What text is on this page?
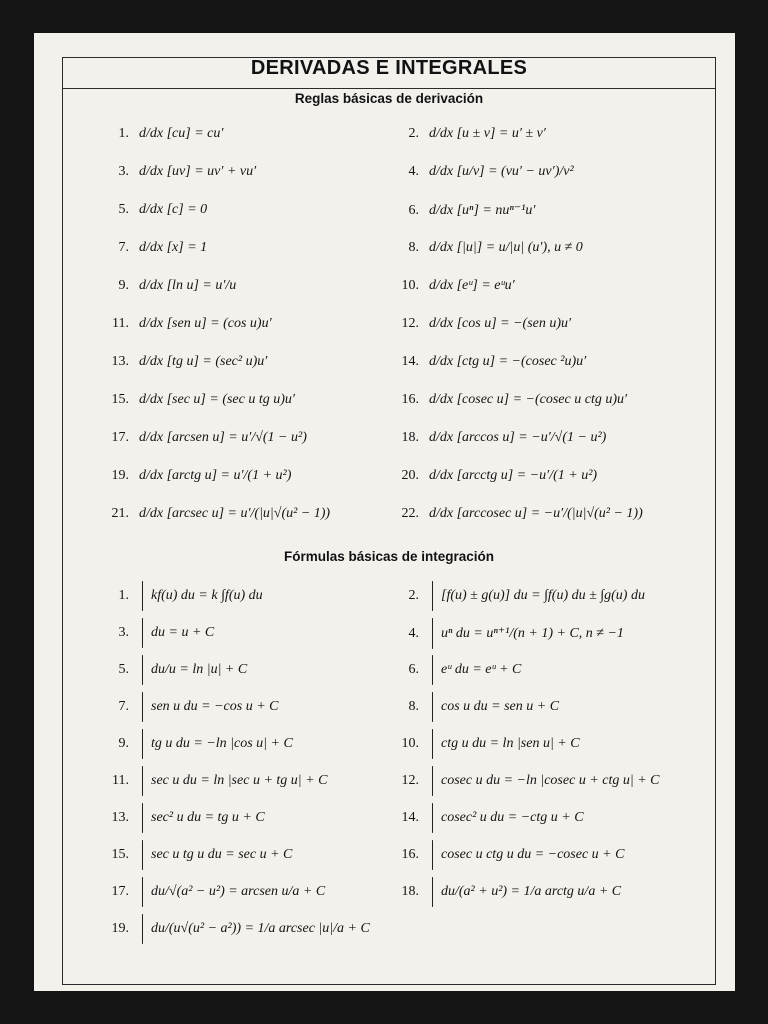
DERIVADAS E INTEGRALES
Reglas básicas de derivación
Fórmulas básicas de integración
1. d/dx [cu] = cu′	2. d/dx [u ± v] = u′ ± v′
3. d/dx [uv] = uv′ + vu′	4. d/dx [u/v] = (vu′ − uv′)/v²
5. d/dx [c] = 0	6. d/dx [uⁿ] = nuⁿ⁻¹u′
7. d/dx [x] = 1	8. d/dx [|u|] = u/|u| (u′), u ≠ 0
9. d/dx [ln u] = u′/u	10. d/dx [eᵘ] = eᵘu′
11. d/dx [sen u] = (cos u)u′	12. d/dx [cos u] = −(sen u)u′
13. d/dx [tg u] = (sec² u)u′	14. d/dx [ctg u] = −(cosec ²u)u′
15. d/dx [sec u] = (sec u tg u)u′	16. d/dx [cosec u] = −(cosec u ctg u)u′
17. d/dx [arcsen u] = u′/√(1 − u²)	18. d/dx [arccos u] = −u′/√(1 − u²)
19. d/dx [arctg u] = u′/(1 + u²)	20. d/dx [arcctg u] = −u′/(1 + u²)
21. d/dx [arcsec u] = u′/(|u|√(u² − 1))	22. d/dx [arccosec u] = −u′/(|u|√(u² − 1))
1.	kf(u) du = k ∫f(u) du	2.	[f(u) ± g(u)] du = ∫f(u) du ± ∫g(u) du
3.	du = u + C	4.	uⁿ du = uⁿ⁺¹/(n + 1) + C, n ≠ −1
5.	du/u = ln |u| + C	6.	eᵘ du = eᵘ + C
7.	sen u du = −cos u + C	8.	cos u du = sen u + C
9.	tg u du = −ln |cos u| + C	10.	ctg u du = ln |sen u| + C
11.	sec u du = ln |sec u + tg u| + C	12.	cosec u du = −ln |cosec u + ctg u| + C
13.	sec² u du = tg u + C	14.	cosec² u du = −ctg u + C
15.	sec u tg u du = sec u + C	16.	cosec u ctg u du = −cosec u + C
17.	du/√(a² − u²) = arcsen u/a + C	18.	du/(a² + u²) = 1/a arctg u/a + C
19.	du/(u√(u² − a²)) = 1/a arcsec |u|/a + C
